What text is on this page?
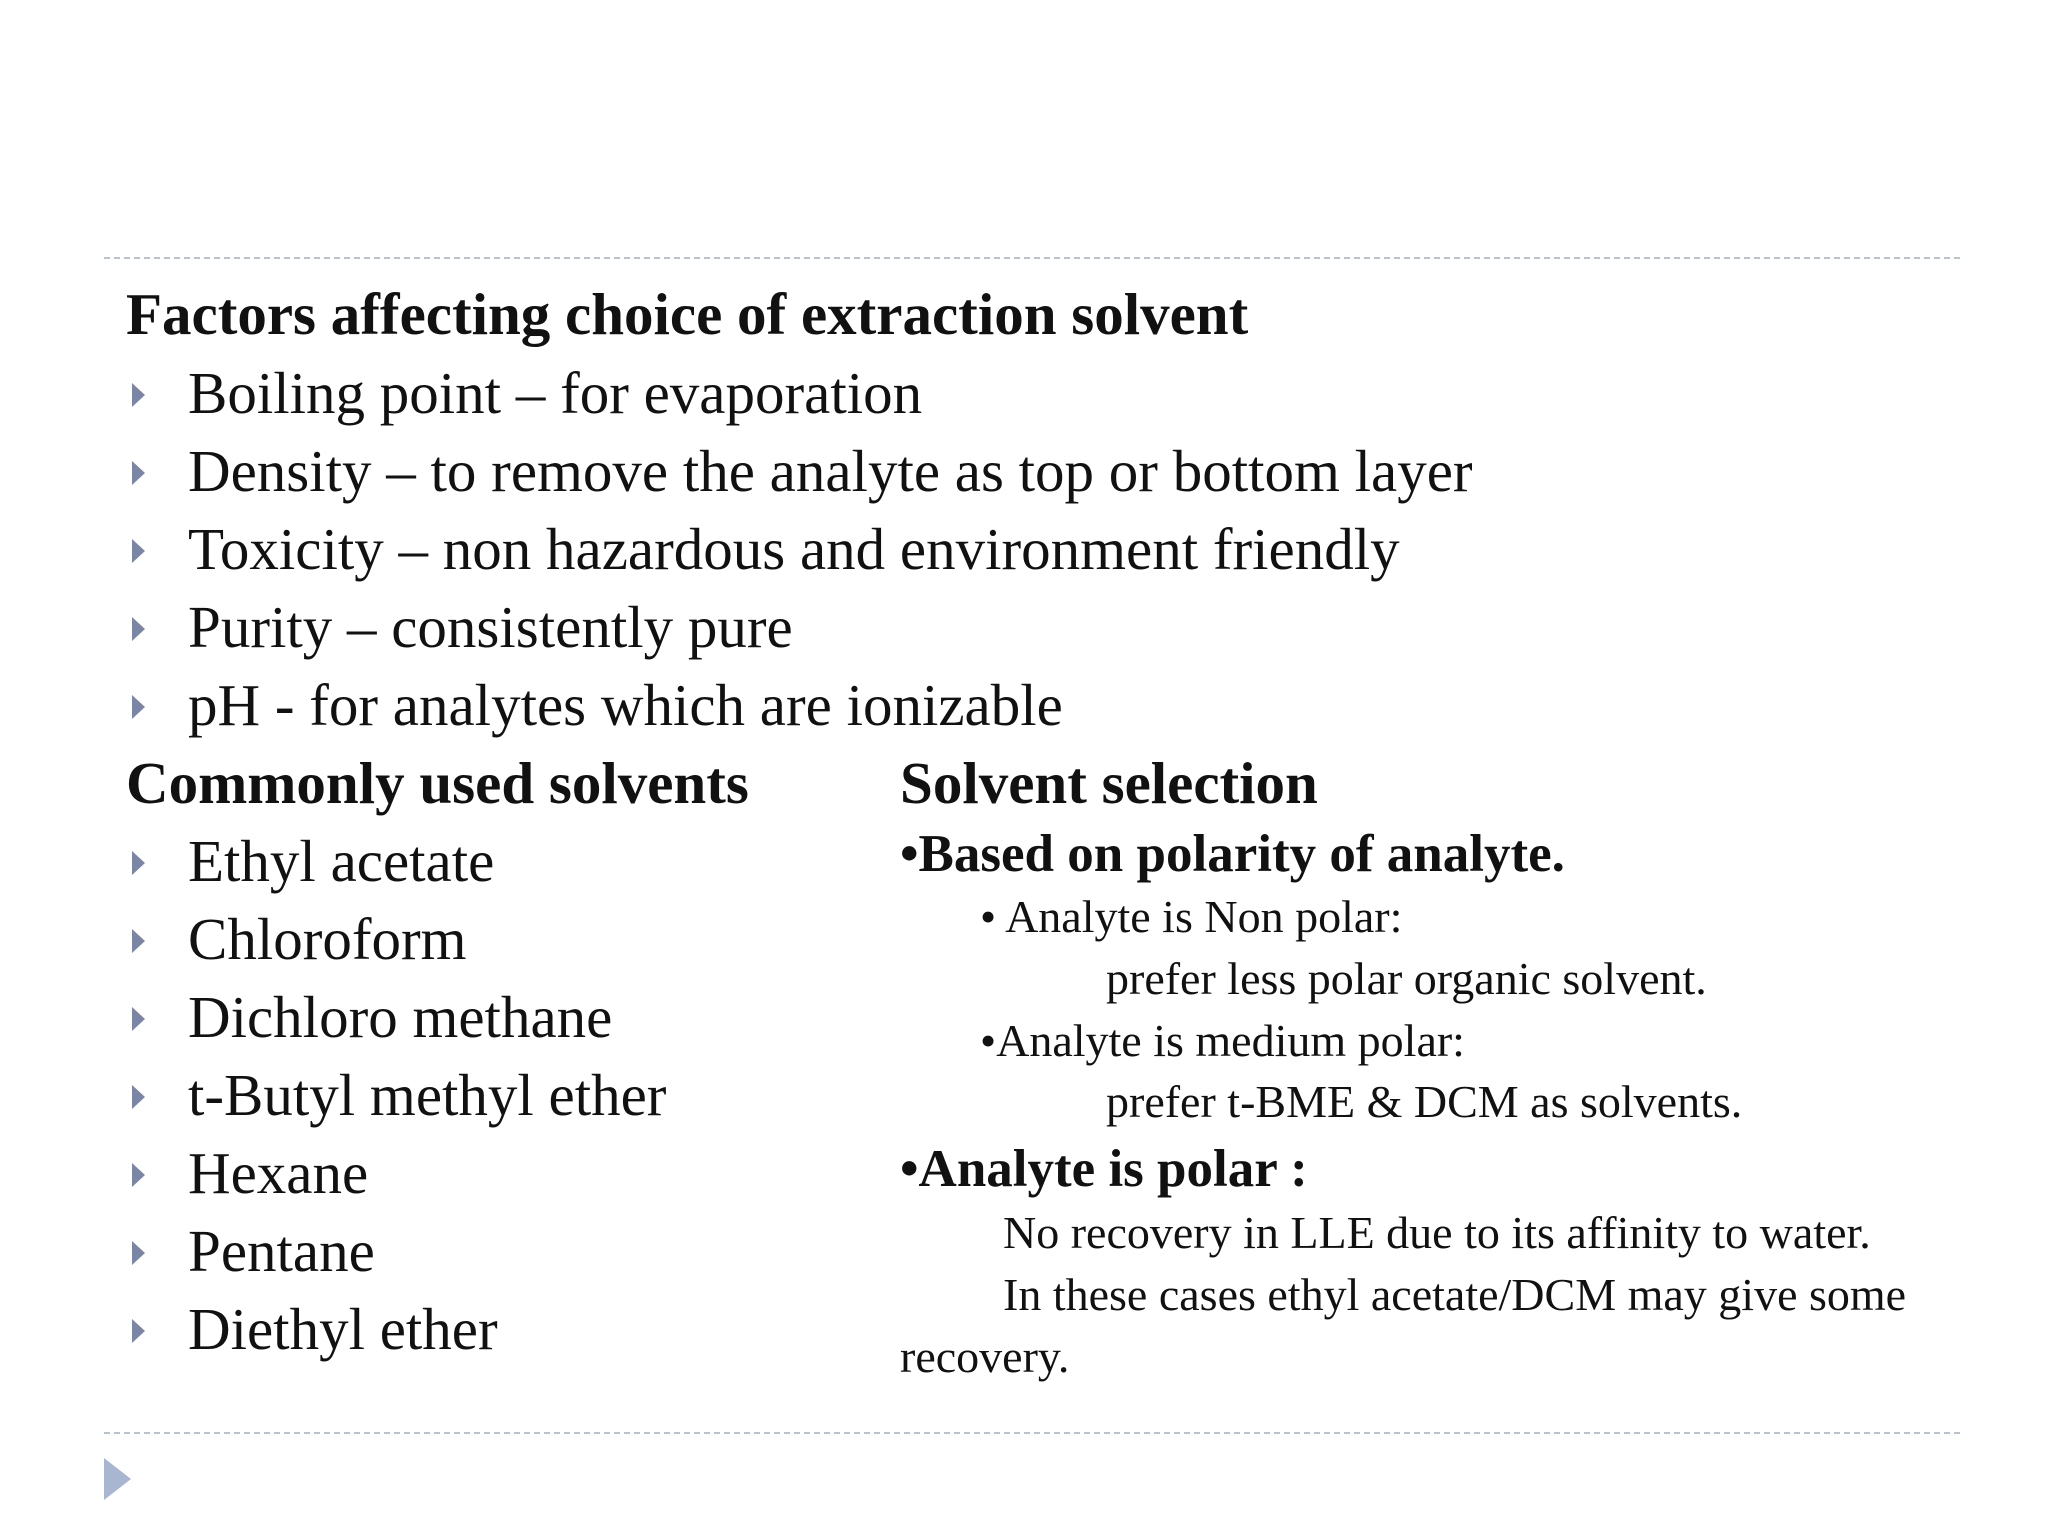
Factors affecting choice of extraction solvent
Boiling point – for evaporation
Density – to remove the analyte as top or bottom layer
Toxicity – non hazardous and environment friendly
Purity – consistently pure
pH - for analytes which are ionizable
Commonly used solvents
Ethyl acetate
Chloroform
Dichloro methane
t-Butyl methyl ether
Hexane
Pentane
Diethyl ether
Solvent selection
•Based on polarity of analyte.
• Analyte is Non polar:
prefer less polar organic solvent.
•Analyte is medium polar:
prefer t-BME & DCM as solvents.
•Analyte is polar :
No recovery in LLE due to its affinity to water.
In these cases ethyl acetate/DCM may give some
recovery.
